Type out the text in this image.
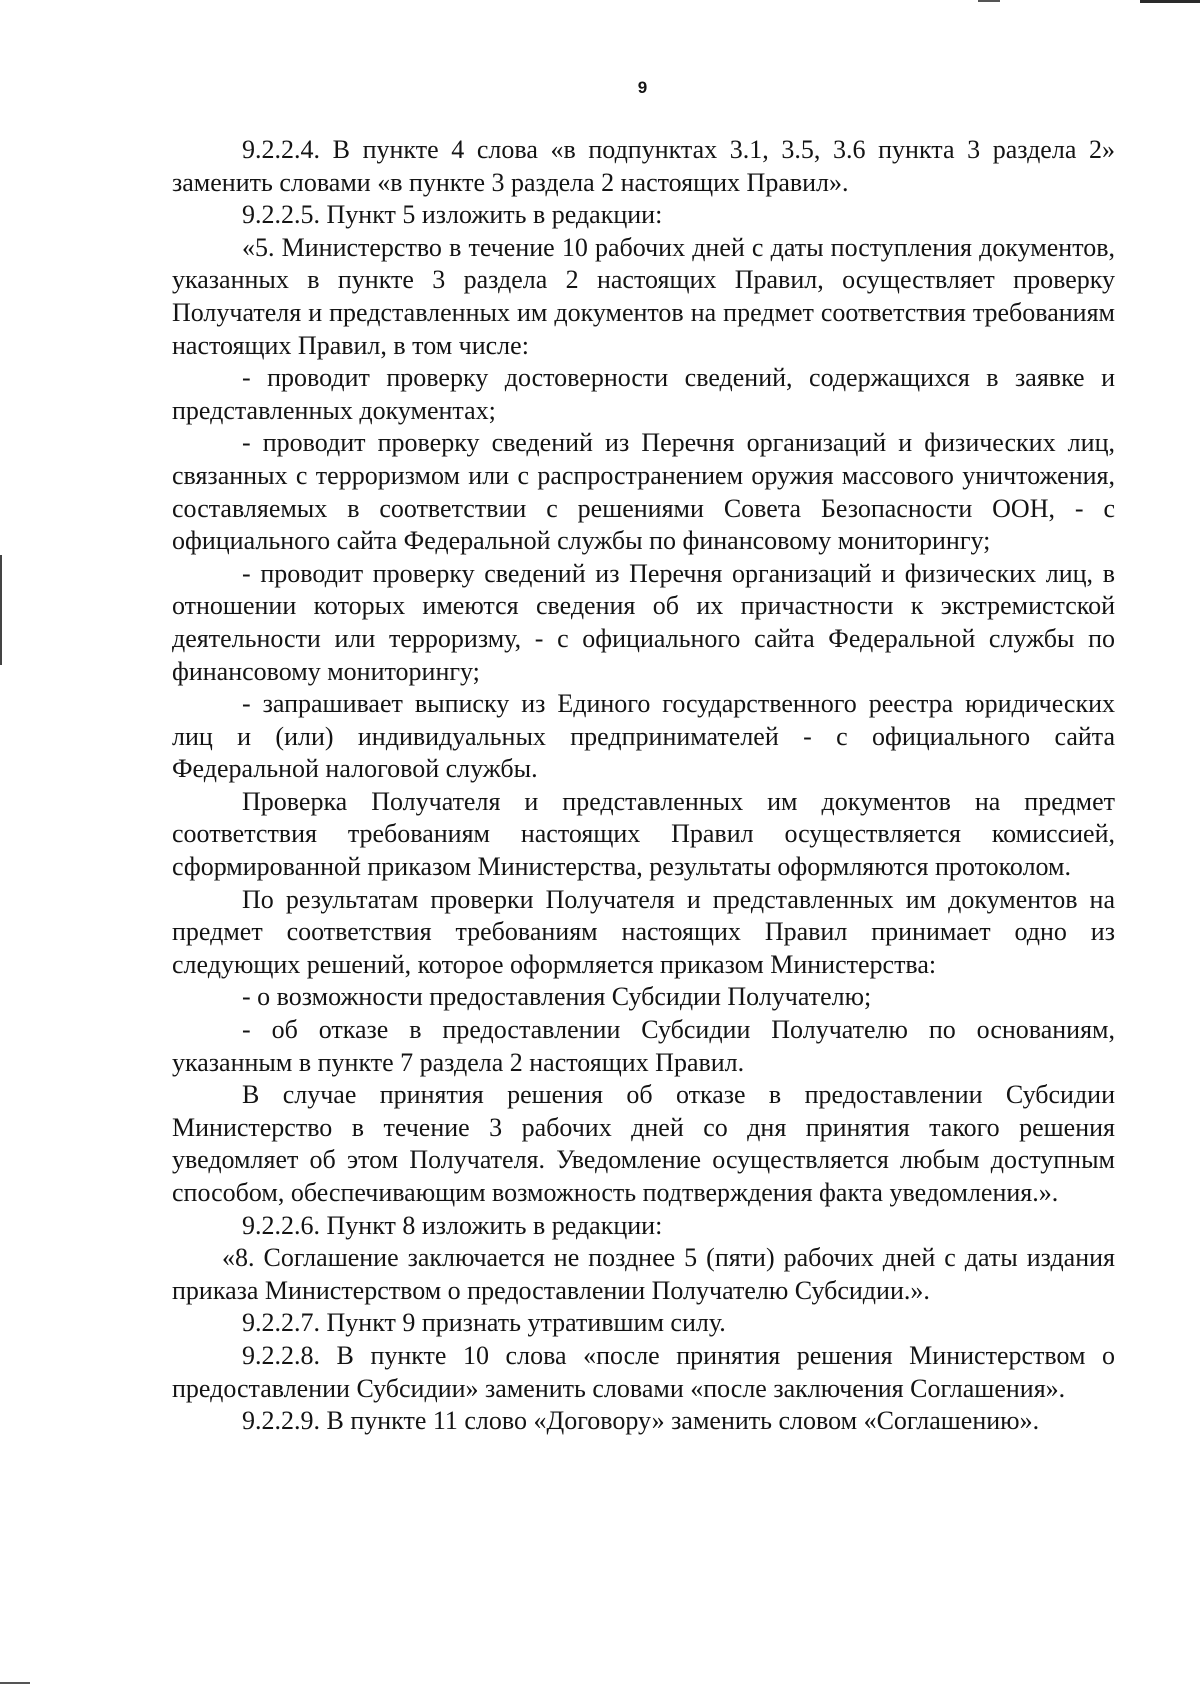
9

9.2.2.4. В пункте 4 слова «в подпунктах 3.1, 3.5, 3.6 пункта 3 раздела 2» заменить словами «в пункте 3 раздела 2 настоящих Правил».

9.2.2.5. Пункт 5 изложить в редакции:

«5. Министерство в течение 10 рабочих дней с даты поступления документов, указанных в пункте 3 раздела 2 настоящих Правил, осуществляет проверку Получателя и представленных им документов на предмет соответствия требованиям настоящих Правил, в том числе:

- проводит проверку достоверности сведений, содержащихся в заявке и представленных документах;

- проводит проверку сведений из Перечня организаций и физических лиц, связанных с терроризмом или с распространением оружия массового уничтожения, составляемых в соответствии с решениями Совета Безопасности ООН, - с официального сайта Федеральной службы по финансовому мониторингу;

- проводит проверку сведений из Перечня организаций и физических лиц, в отношении которых имеются сведения об их причастности к экстремистской деятельности или терроризму, - с официального сайта Федеральной службы по финансовому мониторингу;

- запрашивает выписку из Единого государственного реестра юридических лиц и (или) индивидуальных предпринимателей - с официального сайта Федеральной налоговой службы.

Проверка Получателя и представленных им документов на предмет соответствия требованиям настоящих Правил осуществляется комиссией, сформированной приказом Министерства, результаты оформляются протоколом.

По результатам проверки Получателя и представленных им документов на предмет соответствия требованиям настоящих Правил принимает одно из следующих решений, которое оформляется приказом Министерства:

- о возможности предоставления Субсидии Получателю;

- об отказе в предоставлении Субсидии Получателю по основаниям, указанным в пункте 7 раздела 2 настоящих Правил.

В случае принятия решения об отказе в предоставлении Субсидии Министерство в течение 3 рабочих дней со дня принятия такого решения уведомляет об этом Получателя. Уведомление осуществляется любым доступным способом, обеспечивающим возможность подтверждения факта уведомления.».

9.2.2.6. Пункт 8 изложить в редакции:

«8. Соглашение заключается не позднее 5 (пяти) рабочих дней с даты издания приказа Министерством о предоставлении Получателю Субсидии.».

9.2.2.7. Пункт 9 признать утратившим силу.

9.2.2.8. В пункте 10 слова «после принятия решения Министерством о предоставлении Субсидии» заменить словами «после заключения Соглашения».

9.2.2.9. В пункте 11 слово «Договору» заменить словом «Соглашению».
